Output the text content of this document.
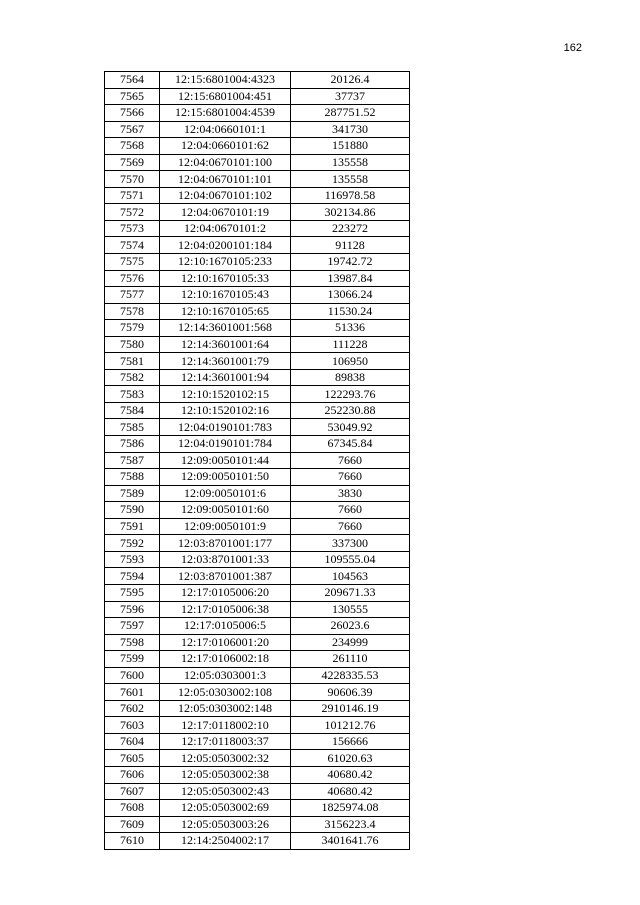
162
7564	12:15:6801004:4323	20126.4
7565	12:15:6801004:451	37737
7566	12:15:6801004:4539	287751.52
7567	12:04:0660101:1	341730
7568	12:04:0660101:62	151880
7569	12:04:0670101:100	135558
7570	12:04:0670101:101	135558
7571	12:04:0670101:102	116978.58
7572	12:04:0670101:19	302134.86
7573	12:04:0670101:2	223272
7574	12:04:0200101:184	91128
7575	12:10:1670105:233	19742.72
7576	12:10:1670105:33	13987.84
7577	12:10:1670105:43	13066.24
7578	12:10:1670105:65	11530.24
7579	12:14:3601001:568	51336
7580	12:14:3601001:64	111228
7581	12:14:3601001:79	106950
7582	12:14:3601001:94	89838
7583	12:10:1520102:15	122293.76
7584	12:10:1520102:16	252230.88
7585	12:04:0190101:783	53049.92
7586	12:04:0190101:784	67345.84
7587	12:09:0050101:44	7660
7588	12:09:0050101:50	7660
7589	12:09:0050101:6	3830
7590	12:09:0050101:60	7660
7591	12:09:0050101:9	7660
7592	12:03:8701001:177	337300
7593	12:03:8701001:33	109555.04
7594	12:03:8701001:387	104563
7595	12:17:0105006:20	209671.33
7596	12:17:0105006:38	130555
7597	12:17:0105006:5	26023.6
7598	12:17:0106001:20	234999
7599	12:17:0106002:18	261110
7600	12:05:0303001:3	4228335.53
7601	12:05:0303002:108	90606.39
7602	12:05:0303002:148	2910146.19
7603	12:17:0118002:10	101212.76
7604	12:17:0118003:37	156666
7605	12:05:0503002:32	61020.63
7606	12:05:0503002:38	40680.42
7607	12:05:0503002:43	40680.42
7608	12:05:0503002:69	1825974.08
7609	12:05:0503003:26	3156223.4
7610	12:14:2504002:17	3401641.76
